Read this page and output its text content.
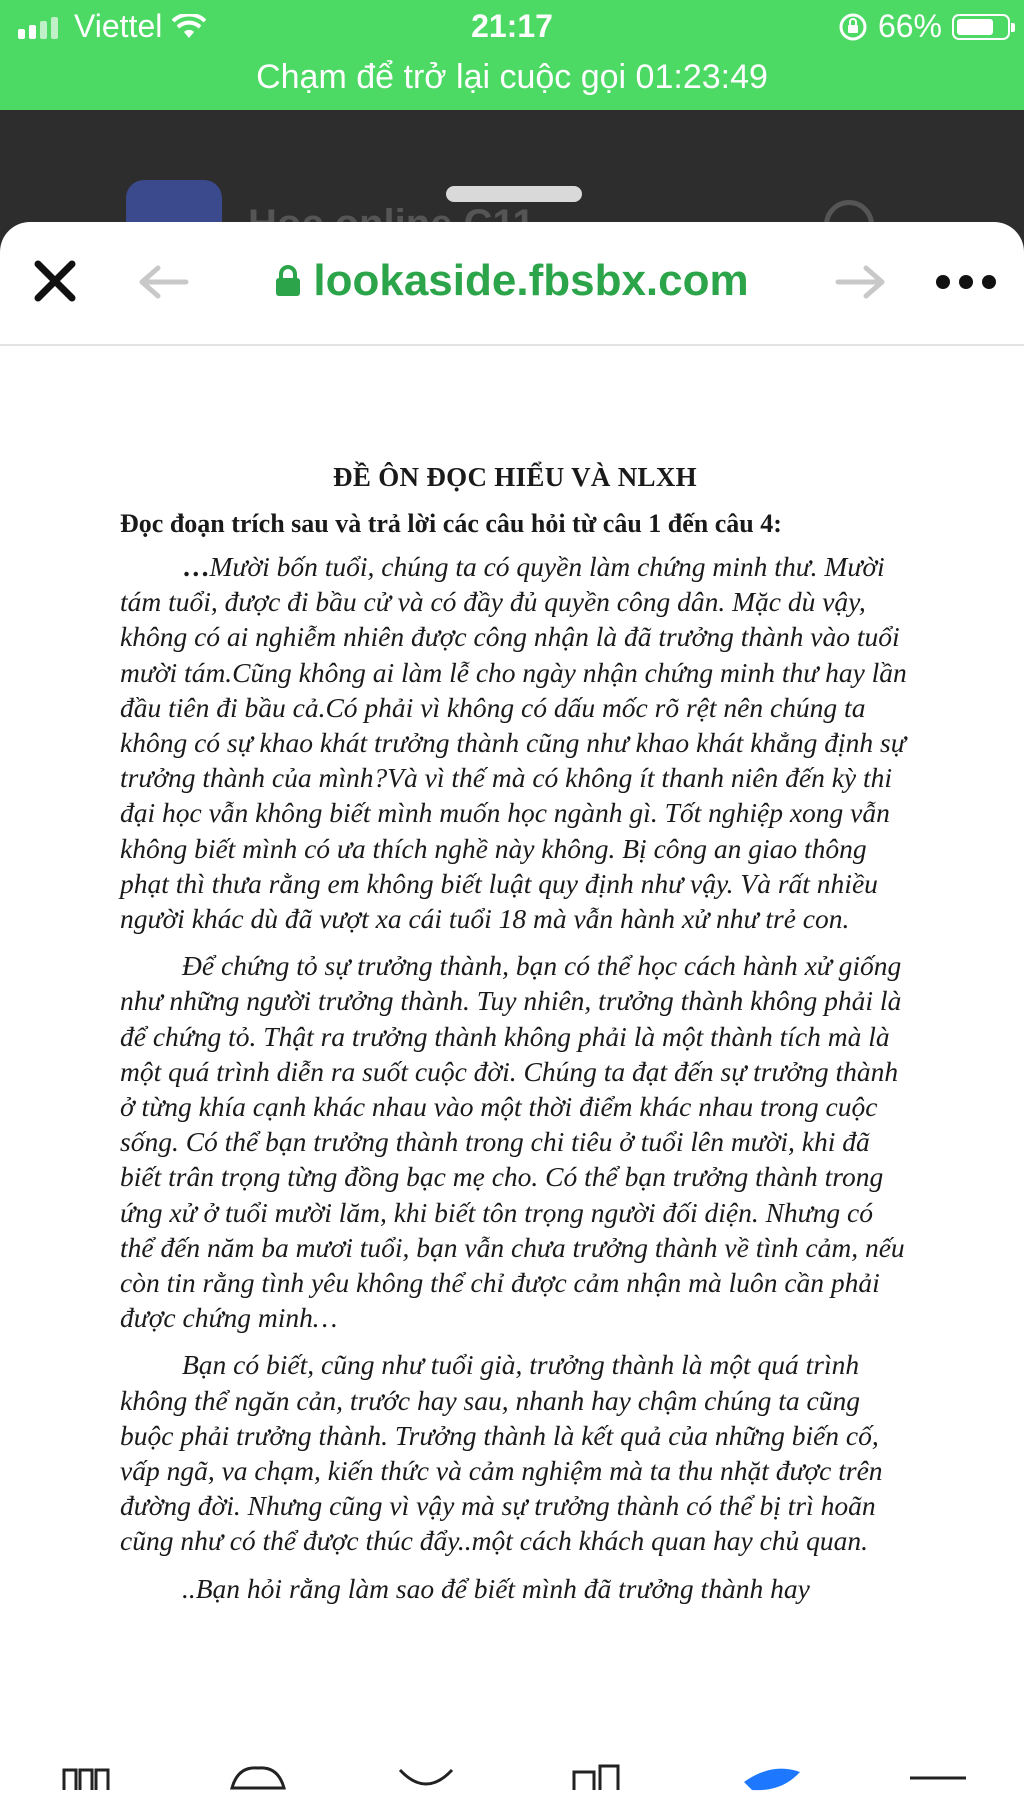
Viettel	21:17	66%
Chạm để trở lại cuộc gọi 01:23:49
lookaside.fbsbx.com
ĐỀ ÔN ĐỌC HIỂU VÀ NLXH
Đọc đoạn trích sau và trả lời các câu hỏi từ câu 1 đến câu 4:

…Mười bốn tuổi, chúng ta có quyền làm chứng minh thư. Mười tám tuổi, được đi bầu cử và có đầy đủ quyền công dân. Mặc dù vậy, không có ai nghiễm nhiên được công nhận là đã trưởng thành vào tuổi mười tám.Cũng không ai làm lễ cho ngày nhận chứng minh thư hay lần đầu tiên đi bầu cả.Có phải vì không có dấu mốc rõ rệt nên chúng ta không có sự khao khát trưởng thành cũng như khao khát khẳng định sự trưởng thành của mình?Và vì thế mà có không ít thanh niên đến kỳ thi đại học vẫn không biết mình muốn học ngành gì. Tốt nghiệp xong vẫn không biết mình có ưa thích nghề này không. Bị công an giao thông phạt thì thưa rằng em không biết luật quy định như vậy. Và rất nhiều người khác dù đã vượt xa cái tuổi 18 mà vẫn hành xử như trẻ con.

Để chứng tỏ sự trưởng thành, bạn có thể học cách hành xử giống như những người trưởng thành. Tuy nhiên, trưởng thành không phải là để chứng tỏ. Thật ra trưởng thành không phải là một thành tích mà là một quá trình diễn ra suốt cuộc đời. Chúng ta đạt đến sự trưởng thành ở từng khía cạnh khác nhau vào một thời điểm khác nhau trong cuộc sống. Có thể bạn trưởng thành trong chi tiêu ở tuổi lên mười, khi đã biết trân trọng từng đồng bạc mẹ cho. Có thể bạn trưởng thành trong ứng xử ở tuổi mười lăm, khi biết tôn trọng người đối diện. Nhưng có thể đến năm ba mươi tuổi, bạn vẫn chưa trưởng thành về tình cảm, nếu còn tin rằng tình yêu không thể chỉ được cảm nhận mà luôn cần phải được chứng minh…

Bạn có biết, cũng như tuổi già, trưởng thành là một quá trình không thể ngăn cản, trước hay sau, nhanh hay chậm chúng ta cũng buộc phải trưởng thành. Trưởng thành là kết quả của những biến cố, vấp ngã, va chạm, kiến thức và cảm nghiệm mà ta thu nhặt được trên đường đời. Nhưng cũng vì vậy mà sự trưởng thành có thể bị trì hoãn cũng như có thể được thúc đẩy..một cách khách quan hay chủ quan.

..Bạn hỏi rằng làm sao để biết mình đã trưởng thành hay
